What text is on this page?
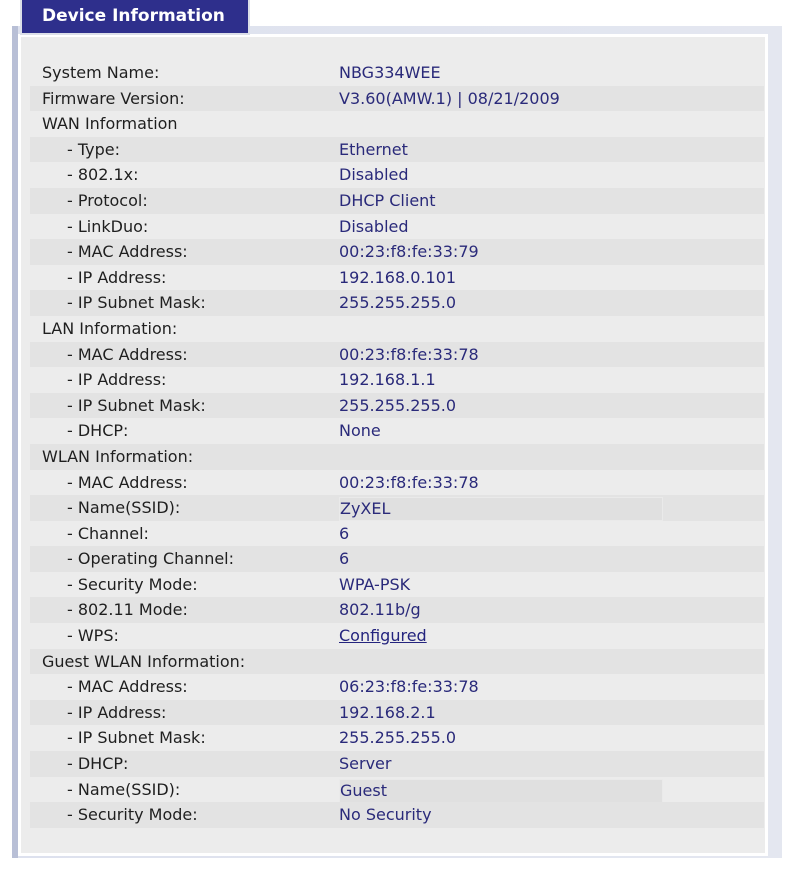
Device Information
System Name:	NBG334WEE
Firmware Version:	V3.60(AMW.1) | 08/21/2009
WAN Information
- Type:	Ethernet
- 802.1x:	Disabled
- Protocol:	DHCP Client
- LinkDuo:	Disabled
- MAC Address:	00:23:f8:fe:33:79
- IP Address:	192.168.0.101
- IP Subnet Mask:	255.255.255.0
LAN Information:
- MAC Address:	00:23:f8:fe:33:78
- IP Address:	192.168.1.1
- IP Subnet Mask:	255.255.255.0
- DHCP:	None
WLAN Information:
- MAC Address:	00:23:f8:fe:33:78
- Name(SSID):	ZyXEL
- Channel:	6
- Operating Channel:	6
- Security Mode:	WPA-PSK
- 802.11 Mode:	802.11b/g
- WPS:	Configured
Guest WLAN Information:
- MAC Address:	06:23:f8:fe:33:78
- IP Address:	192.168.2.1
- IP Subnet Mask:	255.255.255.0
- DHCP:	Server
- Name(SSID):	Guest
- Security Mode:	No Security
